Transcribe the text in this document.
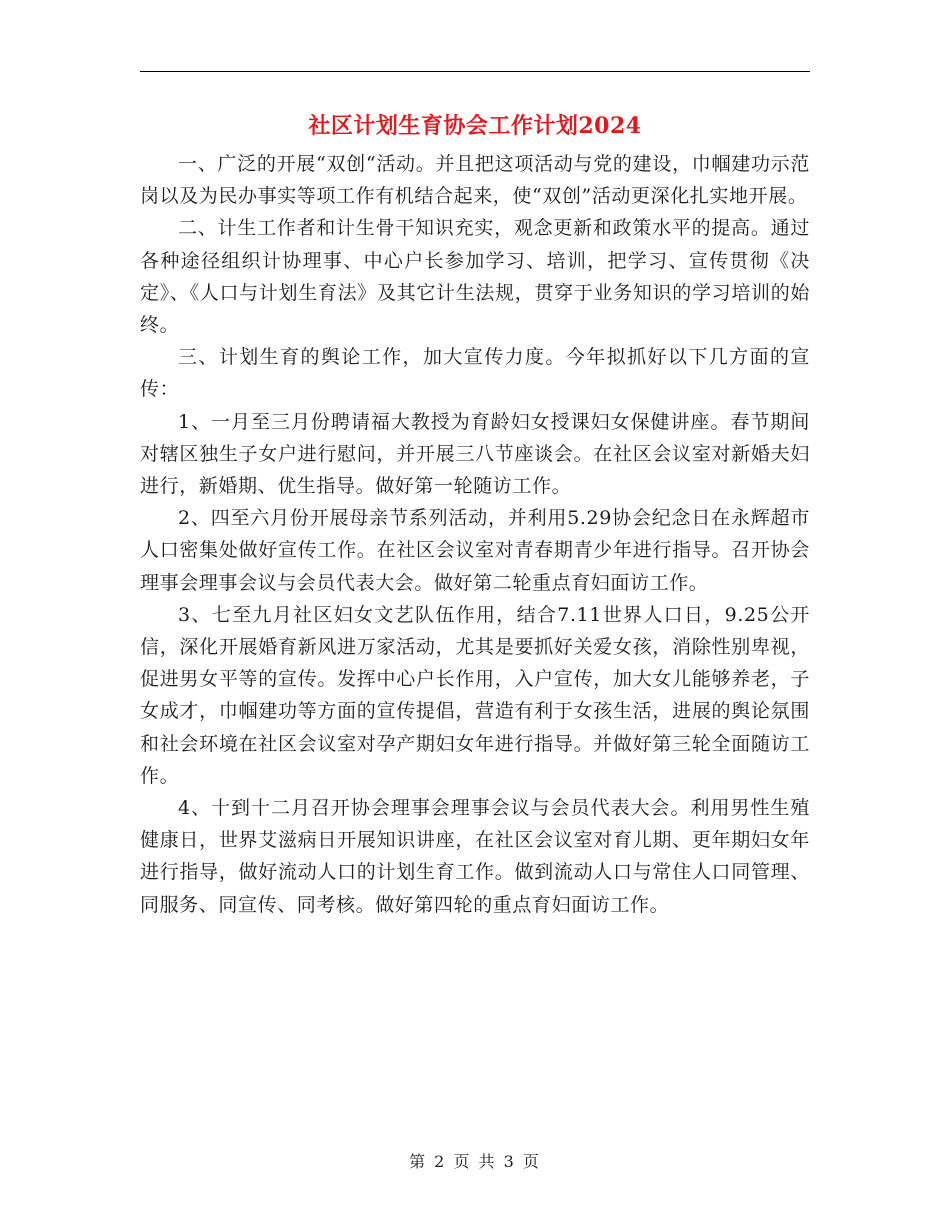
社区计划生育协会工作计划2024

一、广泛的开展“双创“活动。并且把这项活动与党的建设，巾帼建功示范岗以及为民办事实等项工作有机结合起来，使“双创”活动更深化扎实地开展。

二、计生工作者和计生骨干知识充实，观念更新和政策水平的提高。通过各种途径组织计协理事、中心户长参加学习、培训，把学习、宣传贯彻《决定》、《人口与计划生育法》及其它计生法规，贯穿于业务知识的学习培训的始终。

三、计划生育的舆论工作，加大宣传力度。今年拟抓好以下几方面的宣传：

1、一月至三月份聘请福大教授为育龄妇女授课妇女保健讲座。春节期间对辖区独生子女户进行慰问，并开展三八节座谈会。在社区会议室对新婚夫妇进行，新婚期、优生指导。做好第一轮随访工作。

2、四至六月份开展母亲节系列活动，并利用5.29协会纪念日在永辉超市人口密集处做好宣传工作。在社区会议室对青春期青少年进行指导。召开协会理事会理事会议与会员代表大会。做好第二轮重点育妇面访工作。

3、七至九月社区妇女文艺队伍作用，结合7.11世界人口日，9.25公开信，深化开展婚育新风进万家活动，尤其是要抓好关爱女孩，消除性别卑视，促进男女平等的宣传。发挥中心户长作用，入户宣传，加大女儿能够养老，子女成才，巾帼建功等方面的宣传提倡，营造有利于女孩生活，进展的舆论氛围和社会环境在社区会议室对孕产期妇女年进行指导。并做好第三轮全面随访工作。

4、十到十二月召开协会理事会理事会议与会员代表大会。利用男性生殖健康日，世界艾滋病日开展知识讲座，在社区会议室对育儿期、更年期妇女年进行指导，做好流动人口的计划生育工作。做到流动人口与常住人口同管理、同服务、同宣传、同考核。做好第四轮的重点育妇面访工作。

第 2 页 共 3 页
